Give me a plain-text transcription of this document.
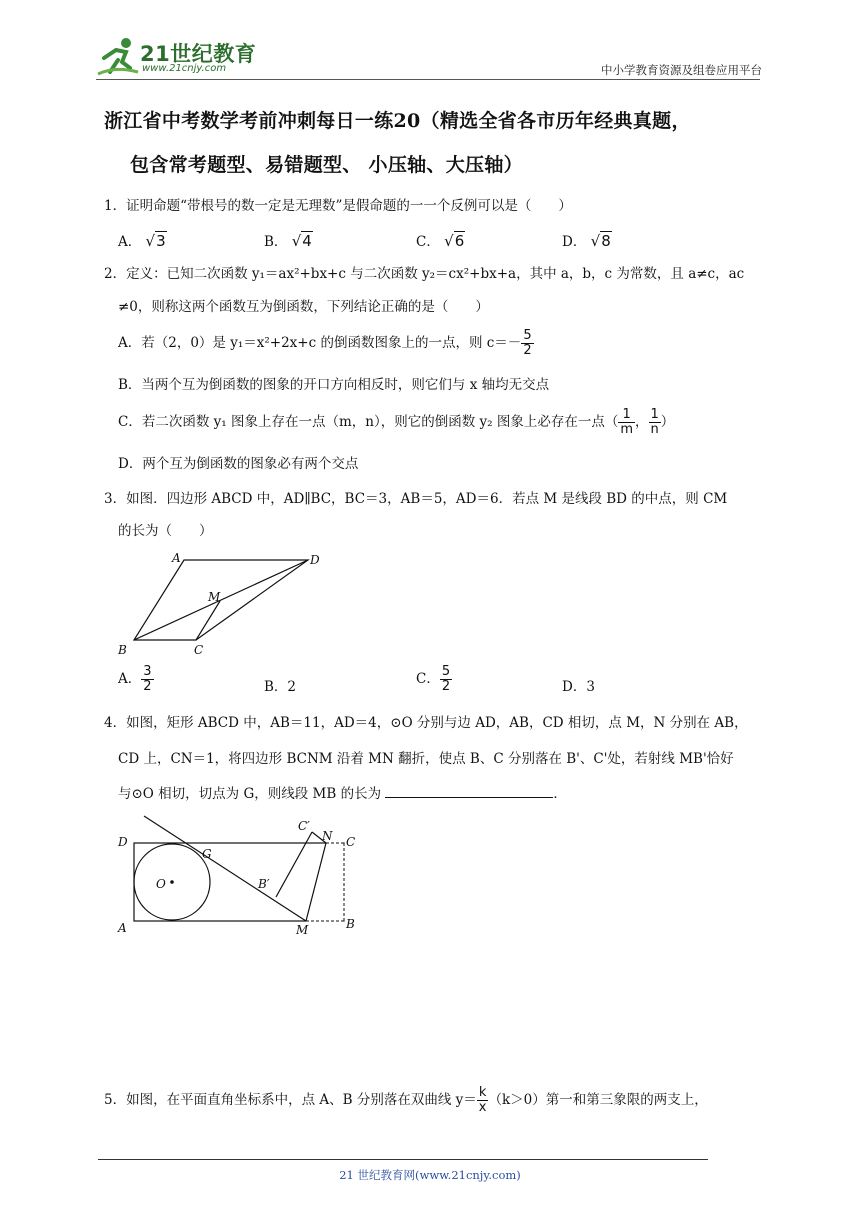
21世纪教育
www.21cnjy.com	中小学教育资源及组卷应用平台
浙江省中考数学考前冲刺每日一练20（精选全省各市历年经典真题，
包含常考题型、易错题型、 小压轴、大压轴）
1．证明命题“带根号的数一定是无理数”是假命题的一一个反例可以是（　　）
A． √3	B． √4	C． √6	D． √8
2．定义：已知二次函数 y₁＝ax²+bx+c 与二次函数 y₂＝cx²+bx+a，其中 a，b，c 为常数，且 a≠c，ac
≠0，则称这两个函数互为倒函数，下列结论正确的是（　　）
A．若（2，0）是 y₁＝x²+2x+c 的倒函数图象上的一点，则 $c=- \frac{5}{2}$
B．当两个互为倒函数的图象的开口方向相反时，则它们与 x 轴均无交点
C．若二次函数 y₁ 图象上存在一点（m，n），则它的倒函数 y₂ 图象上必存在一点（ $\frac{1}{m}$ ， $\frac{1}{n}$ ）
D．两个互为倒函数的图象必有两个交点
3．如图．四边形 ABCD 中，AD∥BC，BC＝3，AB＝5，AD＝6．若点 M 是线段 BD 的中点，则 CM
的长为（　　）
A	D
M
B	C
A． $\frac{3}{2}$	B．2	C． $\frac{5}{2}$	D．3
4．如图，矩形 ABCD 中，AB＝11，AD＝4，⊙O 分别与边 AD，AB，CD 相切，点 M，N 分别在 AB，
CD 上，CN＝1，将四边形 BCNM 沿着 MN 翻折，使点 B、C 分别落在 B'、C'处，若射线 MB'恰好
与⊙O 相切，切点为 G，则线段 MB 的长为	．
D
G
C′
N C
O	B′
A	M	B
5．如图，在平面直角坐标系中，点 A、B 分别落在双曲线 $y= \frac{k}{x} (k>0)$第一和第三象限的两支上，
21 世纪教育网(www.21cnjy.com)
